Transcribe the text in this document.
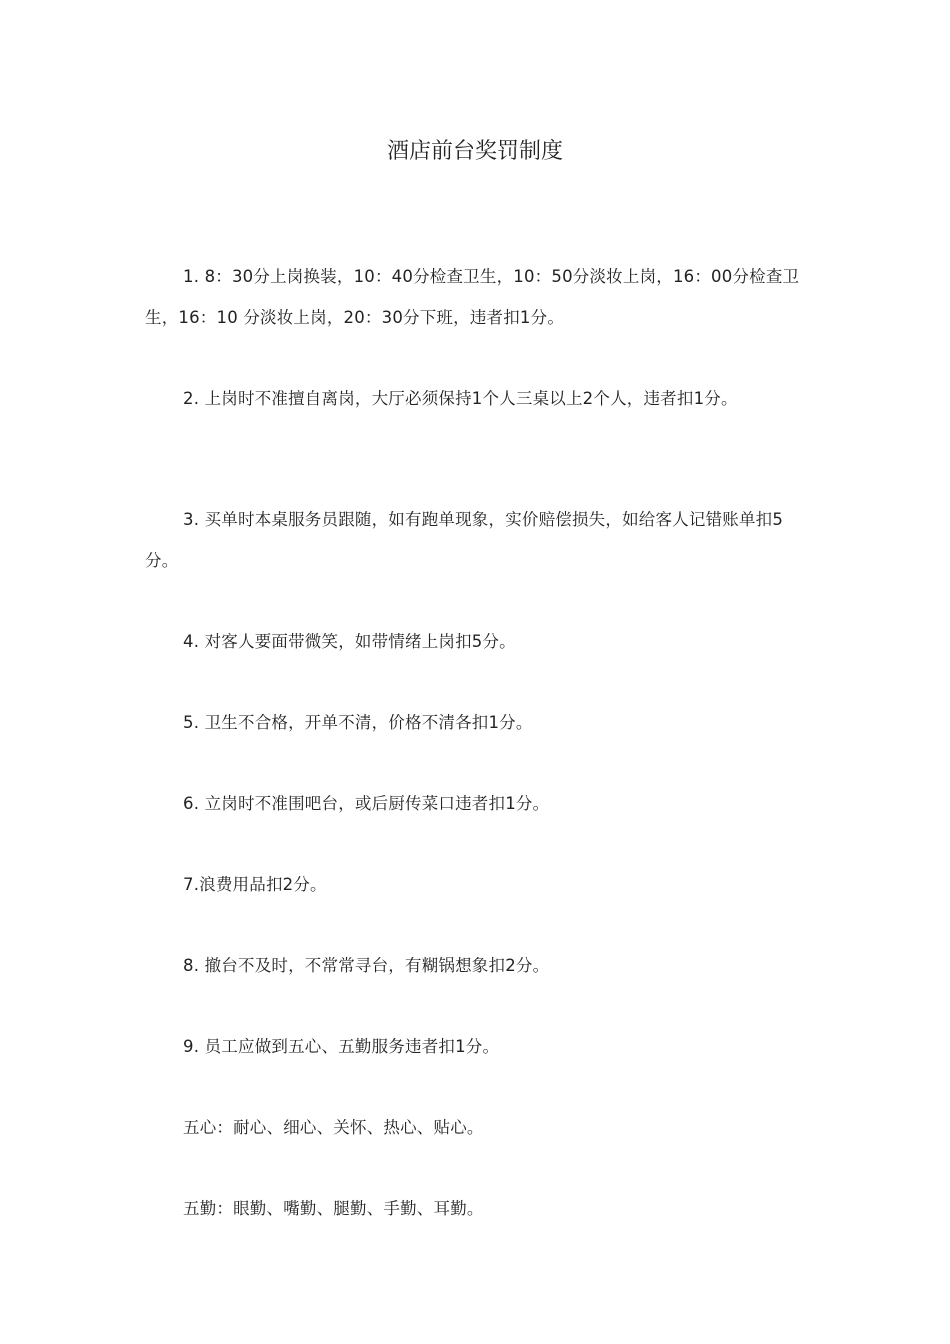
酒店前台奖罚制度

1. 8：30分上岗换装，10：40分检查卫生，10：50分淡妆上岗，16：00分检查卫生，16：10 分淡妆上岗，20：30分下班，违者扣1分。

2. 上岗时不准擅自离岗，大厅必须保持1个人三桌以上2个人，违者扣1分。

3. 买单时本桌服务员跟随，如有跑单现象，实价赔偿损失，如给客人记错账单扣5分。

4. 对客人要面带微笑，如带情绪上岗扣5分。

5. 卫生不合格，开单不清，价格不清各扣1分。

6. 立岗时不准围吧台，或后厨传菜口违者扣1分。

7.浪费用品扣2分。

8. 撤台不及时，不常常寻台，有糊锅想象扣2分。

9. 员工应做到五心、五勤服务违者扣1分。

五心：耐心、细心、关怀、热心、贴心。

五勤：眼勤、嘴勤、腿勤、手勤、耳勤。
